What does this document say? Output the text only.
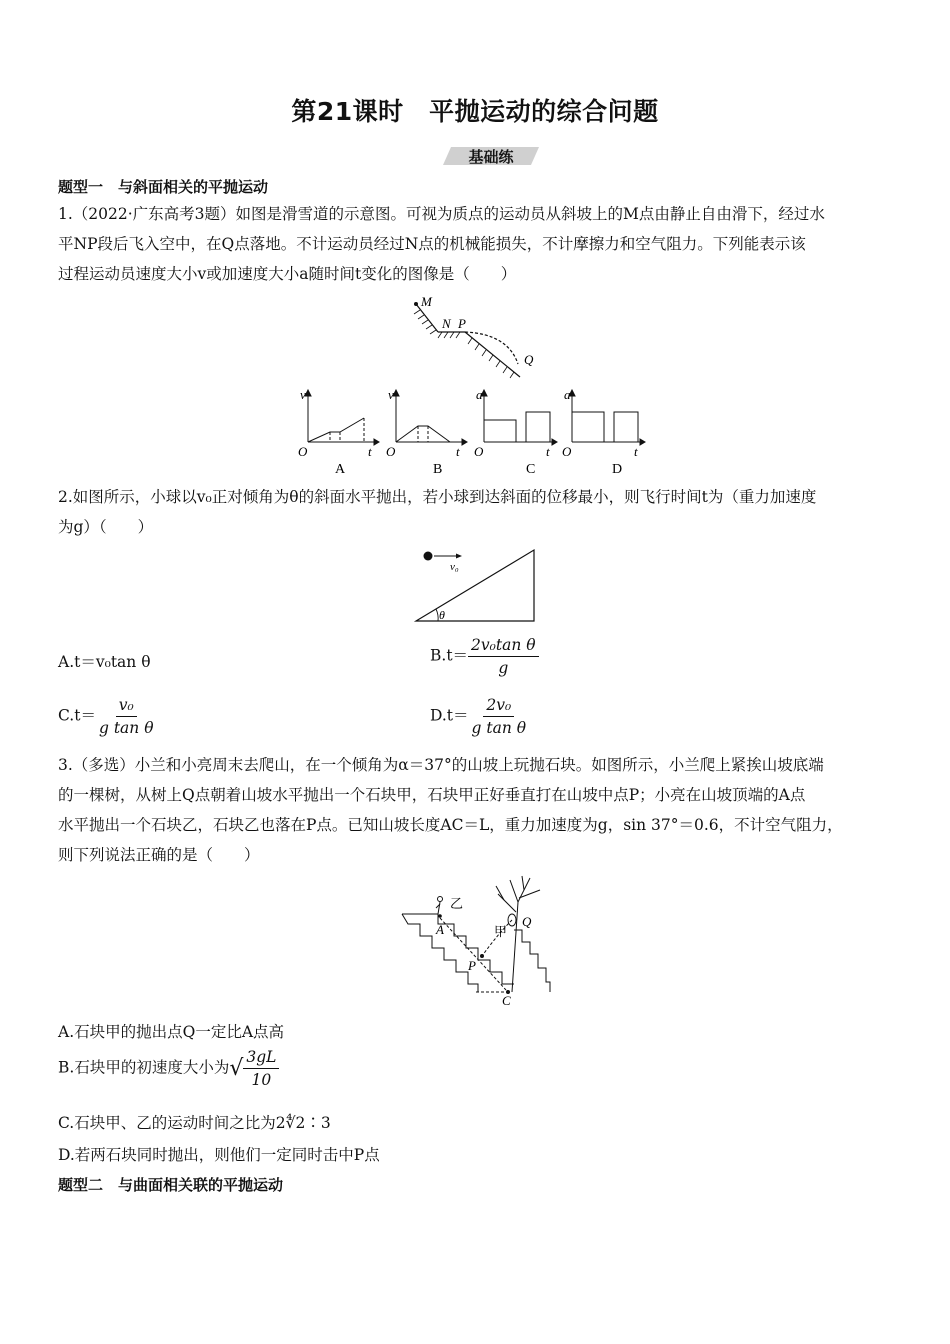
第21课时　平抛运动的综合问题
基础练
题型一　与斜面相关的平抛运动
1.（2022·广东高考3题）如图是滑雪道的示意图。可视为质点的运动员从斜坡上的M点由静止自由滑下，经过水
平NP段后飞入空中，在Q点落地。不计运动员经过N点的机械能损失，不计摩擦力和空气阻力。下列能表示该
过程运动员速度大小v或加速度大小a随时间t变化的图像是（　　）
M
N P
Q
v
O	t
v
O	t
a
O	t
a
O	t
A	B	C	D
2.如图所示，小球以v₀正对倾角为θ的斜面水平抛出，若小球到达斜面的位移最小，则飞行时间t为（重力加速度
为g）（　　）
v₀
θ
A.t＝v₀tan θ	$B.t= \frac{\text{2v₀tan θ}}{g}$
$C.t= \frac{\text{v₀}}{\text{g tan θ}}$	$D.t= \frac{\text{2v₀}}{\text{g tan θ}}$
3.（多选）小兰和小亮周末去爬山，在一个倾角为α＝37°的山坡上玩抛石块。如图所示，小兰爬上紧挨山坡底端
的一棵树，从树上Q点朝着山坡水平抛出一个石块甲，石块甲正好垂直打在山坡中点P；小亮在山坡顶端的A点
水平抛出一个石块乙，石块乙也落在P点。已知山坡长度AC＝L，重力加速度为g，sin 37°＝0.6，不计空气阻力，
则下列说法正确的是（　　）
乙
A	甲
P
C
Q
A.石块甲的抛出点Q一定比A点高
B.石块甲的初速度大小为√ $\frac{3gL}{10}$
C.石块甲、乙的运动时间之比为2∜2∶3
D.若两石块同时抛出，则他们一定同时击中P点
题型二　与曲面相关联的平抛运动
